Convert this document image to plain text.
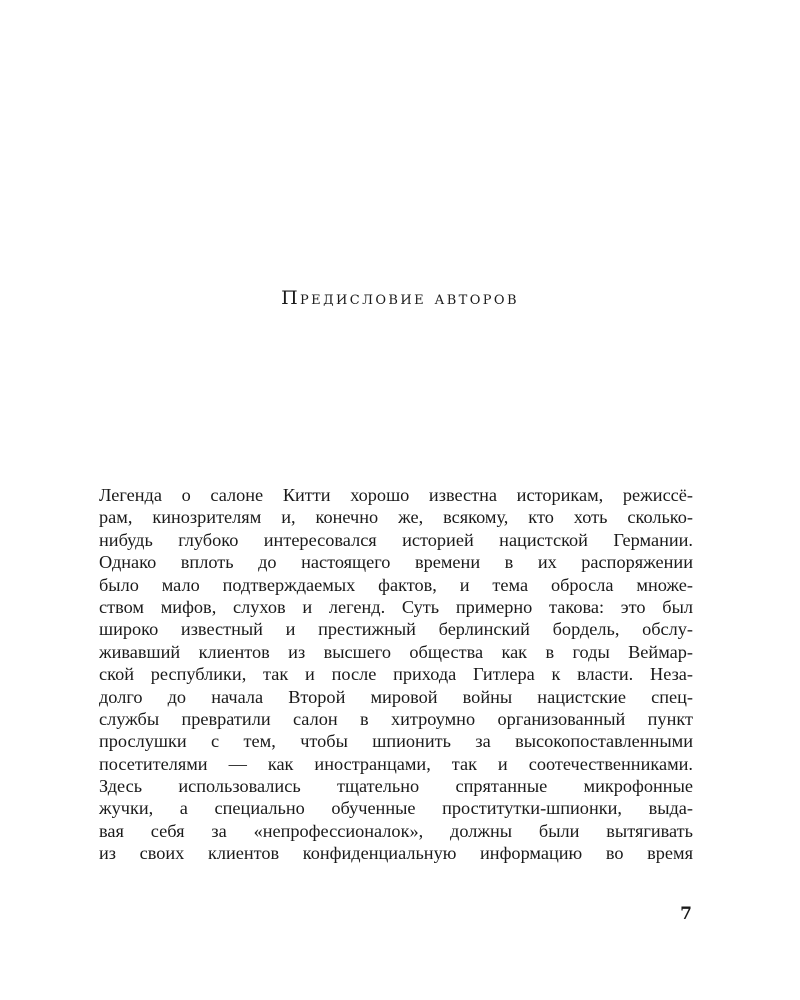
Предисловие авторов
Легенда о салоне Китти хорошо известна историкам, режиссё-
рам, кинозрителям и, конечно же, всякому, кто хоть сколько-
нибудь глубоко интересовался историей нацистской Германии.
Однако вплоть до настоящего времени в их распоряжении
было мало подтверждаемых фактов, и тема обросла множе-
ством мифов, слухов и легенд. Суть примерно такова: это был
широко известный и престижный берлинский бордель, обслу-
живавший клиентов из высшего общества как в годы Веймар-
ской республики, так и после прихода Гитлера к власти. Неза-
долго до начала Второй мировой войны нацистские спец-
службы превратили салон в хитроумно организованный пункт
прослушки с тем, чтобы шпионить за высокопоставленными
посетителями — как иностранцами, так и соотечественниками.
Здесь использовались тщательно спрятанные микрофонные
жучки, а специально обученные проститутки-шпионки, выда-
вая себя за «непрофессионалок», должны были вытягивать
из своих клиентов конфиденциальную информацию во время
7
